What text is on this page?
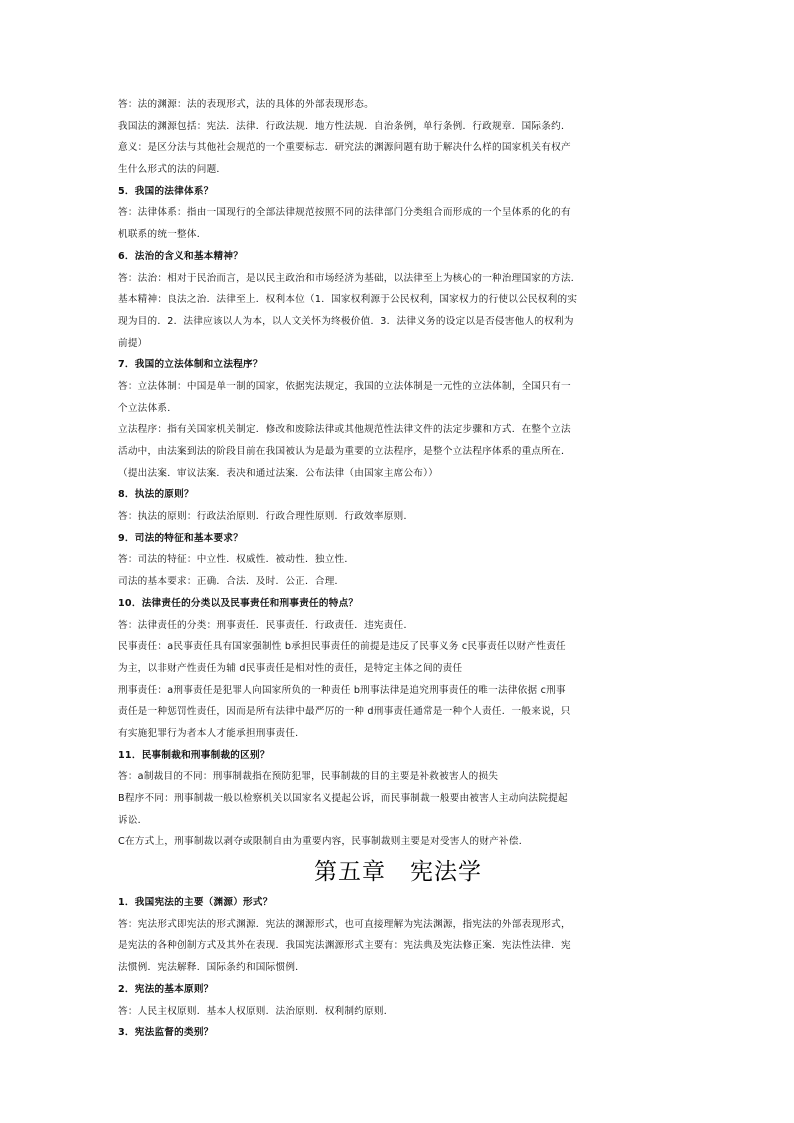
答：法的渊源：法的表现形式，法的具体的外部表现形态。
我国法的渊源包括：宪法．法律．行政法规．地方性法规．自治条例，单行条例．行政规章．国际条约．
意义：是区分法与其他社会规范的一个重要标志．研究法的渊源问题有助于解决什么样的国家机关有权产
生什么形式的法的问题．
5．我国的法律体系？
答：法律体系：指由一国现行的全部法律规范按照不同的法律部门分类组合而形成的一个呈体系的化的有
机联系的统一整体．
6．法治的含义和基本精神？
答：法治：相对于民治而言，是以民主政治和市场经济为基础，以法律至上为核心的一种治理国家的方法．
基本精神：良法之治．法律至上．权利本位（1．国家权利源于公民权利，国家权力的行使以公民权利的实
现为目的．2．法律应该以人为本，以人文关怀为终极价值．3．法律义务的设定以是否侵害他人的权利为
前提）
7．我国的立法体制和立法程序？
答：立法体制：中国是单一制的国家，依据宪法规定，我国的立法体制是一元性的立法体制，全国只有一
个立法体系．
立法程序：指有关国家机关制定．修改和废除法律或其他规范性法律文件的法定步骤和方式．在整个立法
活动中，由法案到法的阶段目前在我国被认为是最为重要的立法程序，是整个立法程序体系的重点所在．
（提出法案．审议法案．表决和通过法案．公布法律（由国家主席公布））
8．执法的原则？
答：执法的原则：行政法治原则．行政合理性原则．行政效率原则．
9．司法的特征和基本要求？
答：司法的特征：中立性．权威性．被动性．独立性．
司法的基本要求：正确．合法．及时．公正．合理．
10．法律责任的分类以及民事责任和刑事责任的特点？
答：法律责任的分类：刑事责任．民事责任．行政责任．违宪责任．
民事责任：a民事责任具有国家强制性 b承担民事责任的前提是违反了民事义务 c民事责任以财产性责任
为主，以非财产性责任为辅 d民事责任是相对性的责任，是特定主体之间的责任
刑事责任：a刑事责任是犯罪人向国家所负的一种责任 b刑事法律是追究刑事责任的唯一法律依据 c刑事
责任是一种惩罚性责任，因而是所有法律中最严厉的一种 d刑事责任通常是一种个人责任．一般来说，只
有实施犯罪行为者本人才能承担刑事责任．
11．民事制裁和刑事制裁的区别？
答：a制裁目的不同：刑事制裁指在预防犯罪，民事制裁的目的主要是补救被害人的损失
B程序不同：刑事制裁一般以检察机关以国家名义提起公诉，而民事制裁一般要由被害人主动向法院提起
诉讼．
C在方式上，刑事制裁以剥夺或限制自由为重要内容，民事制裁则主要是对受害人的财产补偿．
第五章　宪法学
1．我国宪法的主要（渊源）形式？
答：宪法形式即宪法的形式渊源．宪法的渊源形式，也可直接理解为宪法渊源，指宪法的外部表现形式，
是宪法的各种创制方式及其外在表现．我国宪法渊源形式主要有：宪法典及宪法修正案．宪法性法律．宪
法惯例．宪法解释．国际条约和国际惯例．
2．宪法的基本原则？
答：人民主权原则．基本人权原则．法治原则．权利制约原则．
3．宪法监督的类别？
